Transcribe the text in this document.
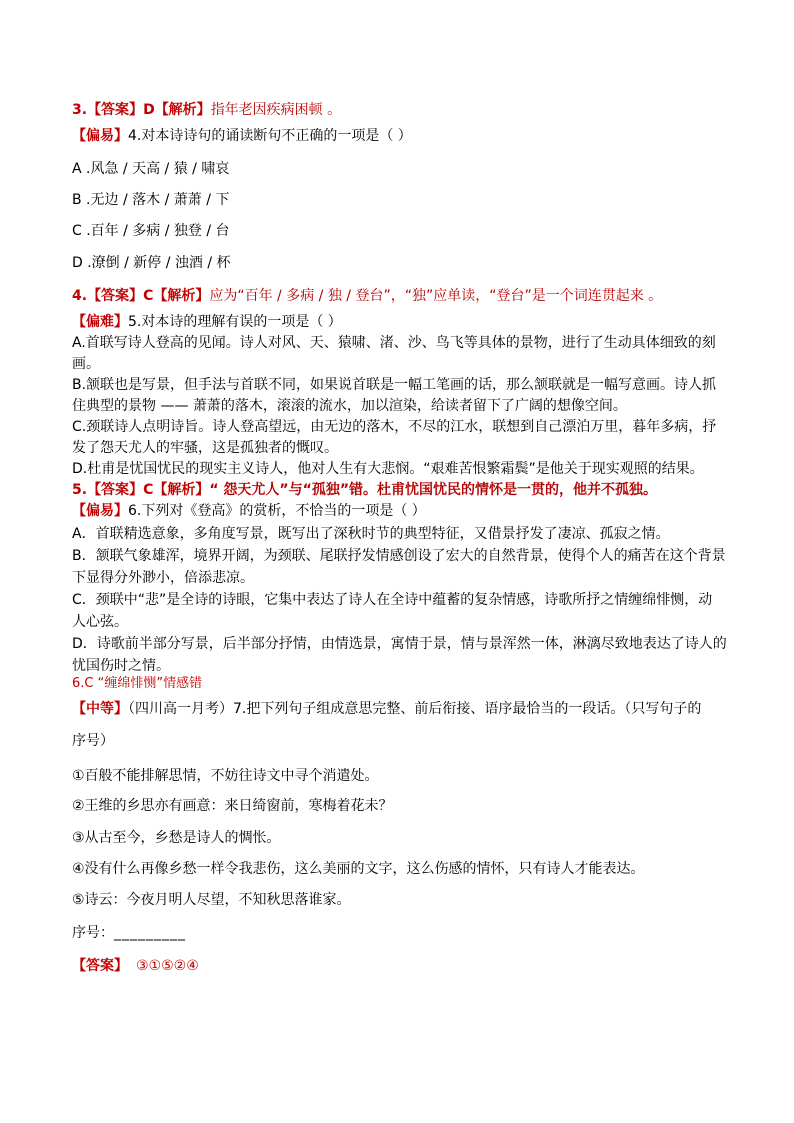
3.【答案】D【解析】指年老因疾病困顿 。
【偏易】4.对本诗诗句的诵读断句不正确的一项是（ ）
A .风急 / 天高 / 猿 / 啸哀
B .无边 / 落木 / 萧萧 / 下
C .百年 / 多病 / 独登 / 台
D .潦倒 / 新停 / 浊酒 / 杯
4.【答案】C【解析】应为“百年 / 多病 / 独 / 登台”，“独”应单读，“登台”是一个词连贯起来 。
【偏难】5.对本诗的理解有误的一项是（ ）
A.首联写诗人登高的见闻。诗人对风、天、猿啸、渚、沙、鸟飞等具体的景物，进行了生动具体细致的刻
画。
B.颔联也是写景，但手法与首联不同，如果说首联是一幅工笔画的话，那么颔联就是一幅写意画。诗人抓
住典型的景物 —— 萧萧的落木，滚滚的流水，加以渲染，给读者留下了广阔的想像空间。
C.颈联诗人点明诗旨。诗人登高望远，由无边的落木，不尽的江水，联想到自己漂泊万里，暮年多病，抒
发了怨天尤人的牢骚，这是孤独者的慨叹。
D.杜甫是忧国忧民的现实主义诗人，他对人生有大悲悯。“艰难苦恨繁霜鬓”是他关于现实观照的结果。
5.【答案】C【解析】“ 怨天尤人”与“孤独”错。杜甫忧国忧民的情怀是一贯的，他并不孤独。
【偏易】6.下列对《登高》的赏析，不恰当的一项是（ ）
A．首联精选意象，多角度写景，既写出了深秋时节的典型特征，又借景抒发了凄凉、孤寂之情。
B．颔联气象雄浑，境界开阔，为颈联、尾联抒发情感创设了宏大的自然背景，使得个人的痛苦在这个背景
下显得分外渺小，倍添悲凉。
C．颈联中“悲”是全诗的诗眼，它集中表达了诗人在全诗中蕴蓄的复杂情感，诗歌所抒之情缠绵悱恻，动
人心弦。
D．诗歌前半部分写景，后半部分抒情，由情选景，寓情于景，情与景浑然一体，淋漓尽致地表达了诗人的
忧国伤时之情。
6.C “缠绵悱恻”情感错
【中等】（四川高一月考）7.把下列句子组成意思完整、前后衔接、语序最恰当的一段话。（只写句子的
序号）
①百般不能排解思情，不妨往诗文中寻个消遣处。
②王维的乡思亦有画意：来日绮窗前，寒梅着花未？
③从古至今，乡愁是诗人的惆怅。
④没有什么再像乡愁一样令我悲伤，这么美丽的文字，这么伤感的情怀，只有诗人才能表达。
⑤诗云：今夜月明人尽望，不知秋思落谁家。
序号：_________
【答案】 ③①⑤②④
